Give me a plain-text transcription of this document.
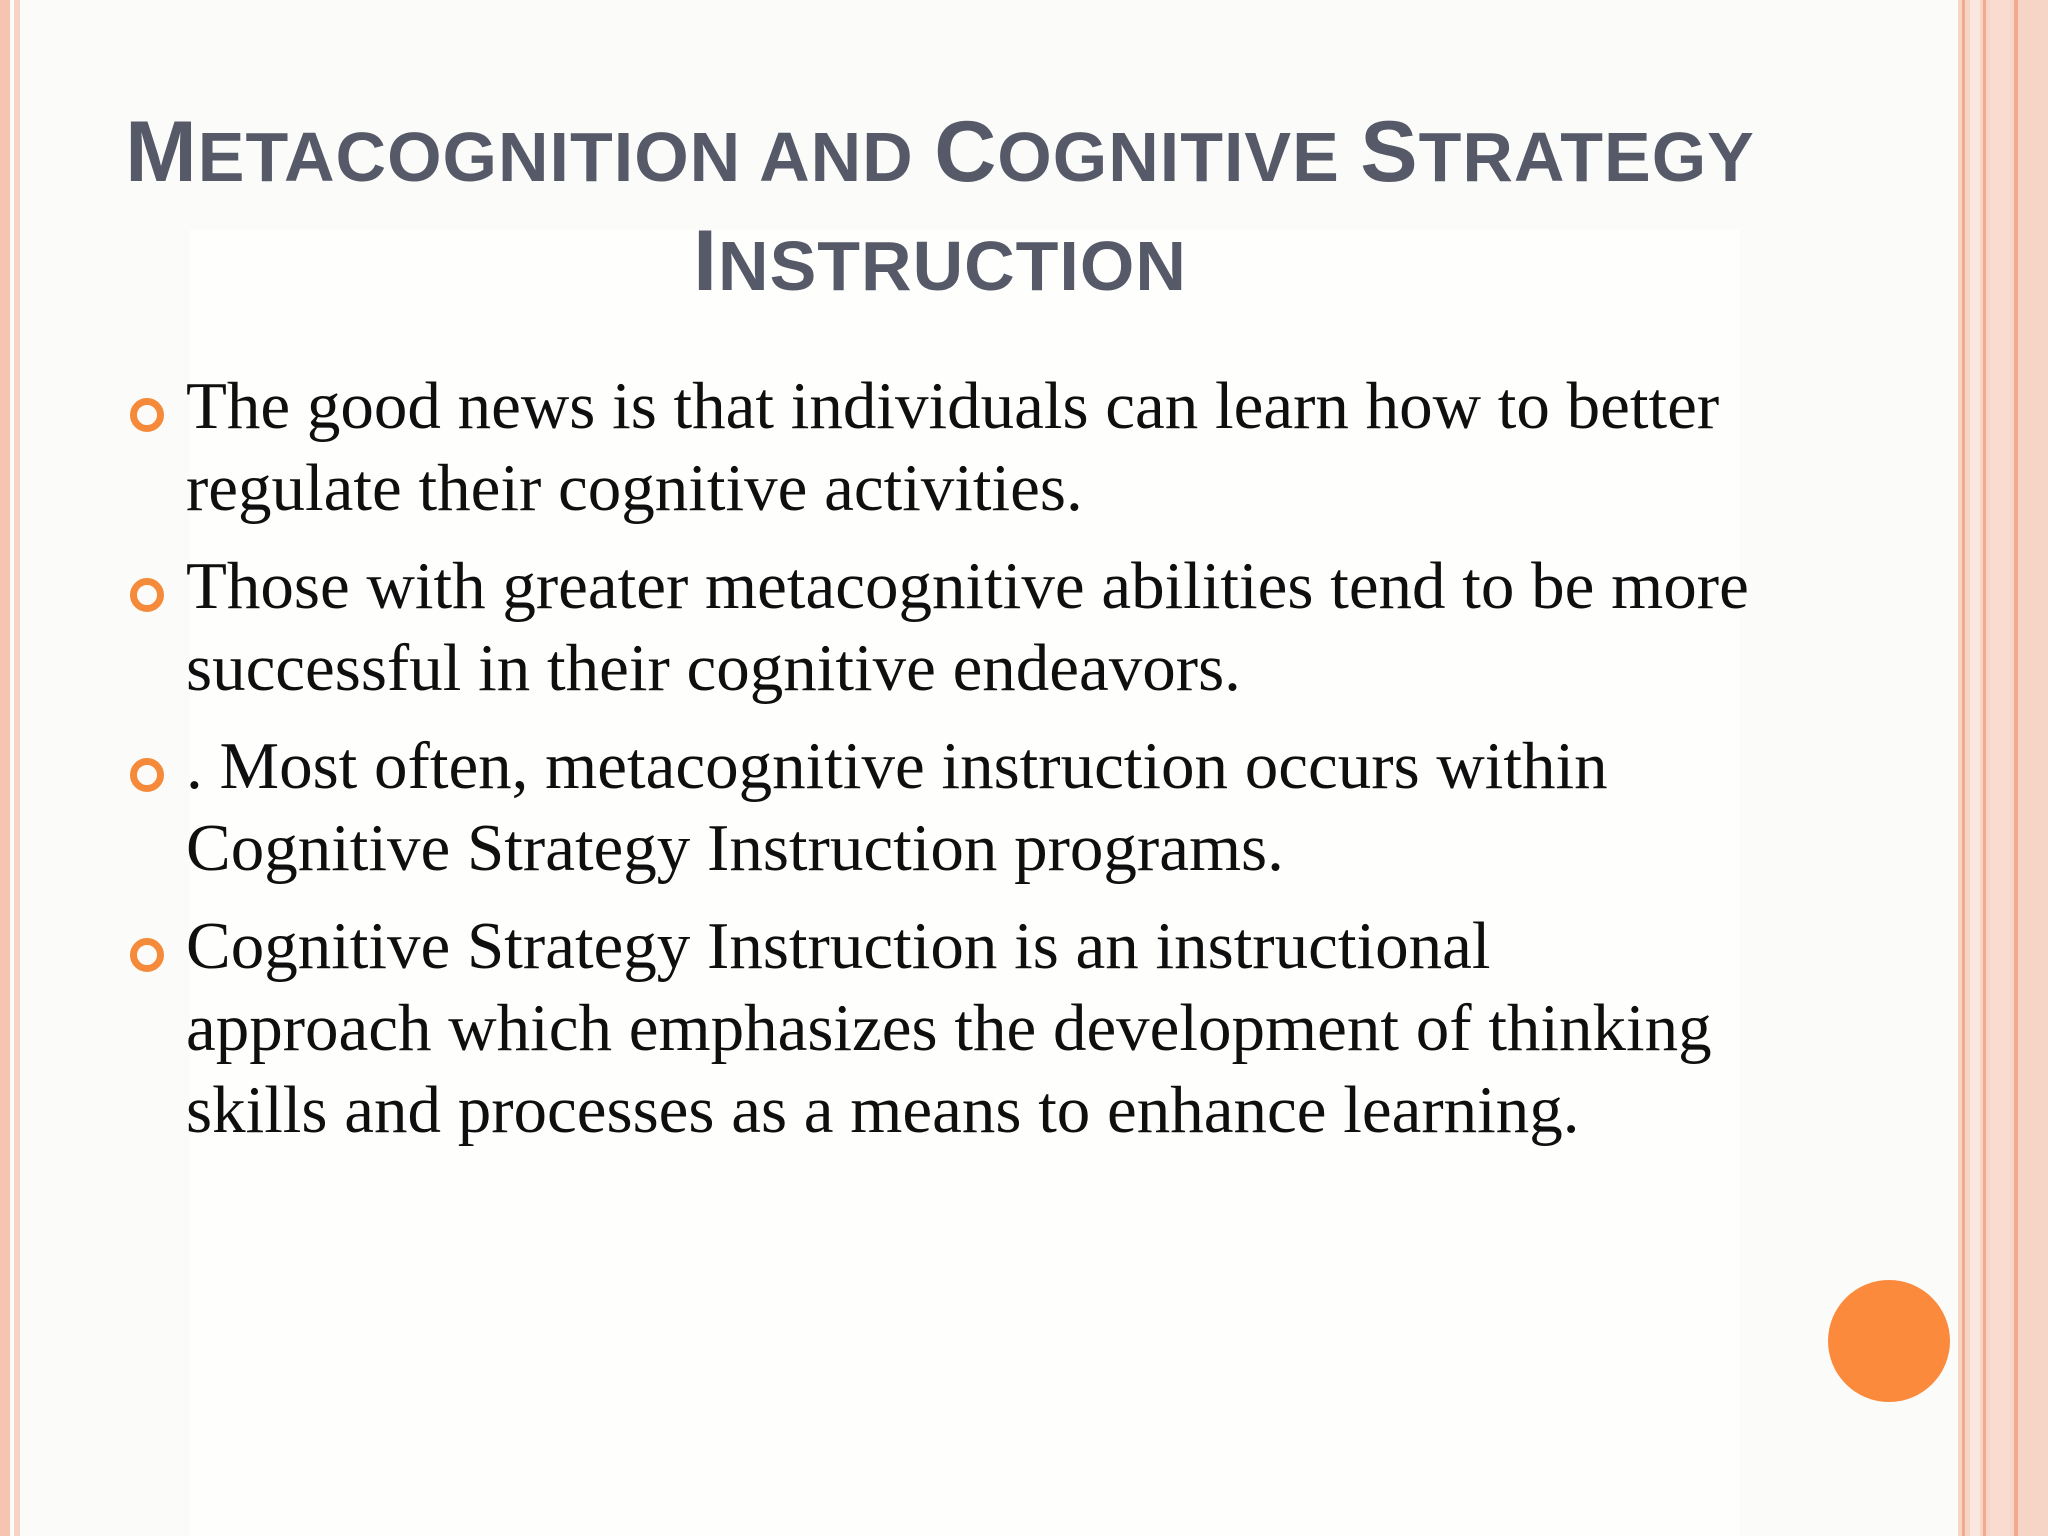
METACOGNITION AND COGNITIVE STRATEGY
INSTRUCTION
The good news is that individuals can learn how to better regulate their cognitive activities.
Those with greater metacognitive abilities tend to be more successful in their cognitive endeavors.
. Most often, metacognitive instruction occurs within Cognitive Strategy Instruction programs.
Cognitive Strategy Instruction is an instructional approach which emphasizes the development of thinking skills and processes as a means to enhance learning.
